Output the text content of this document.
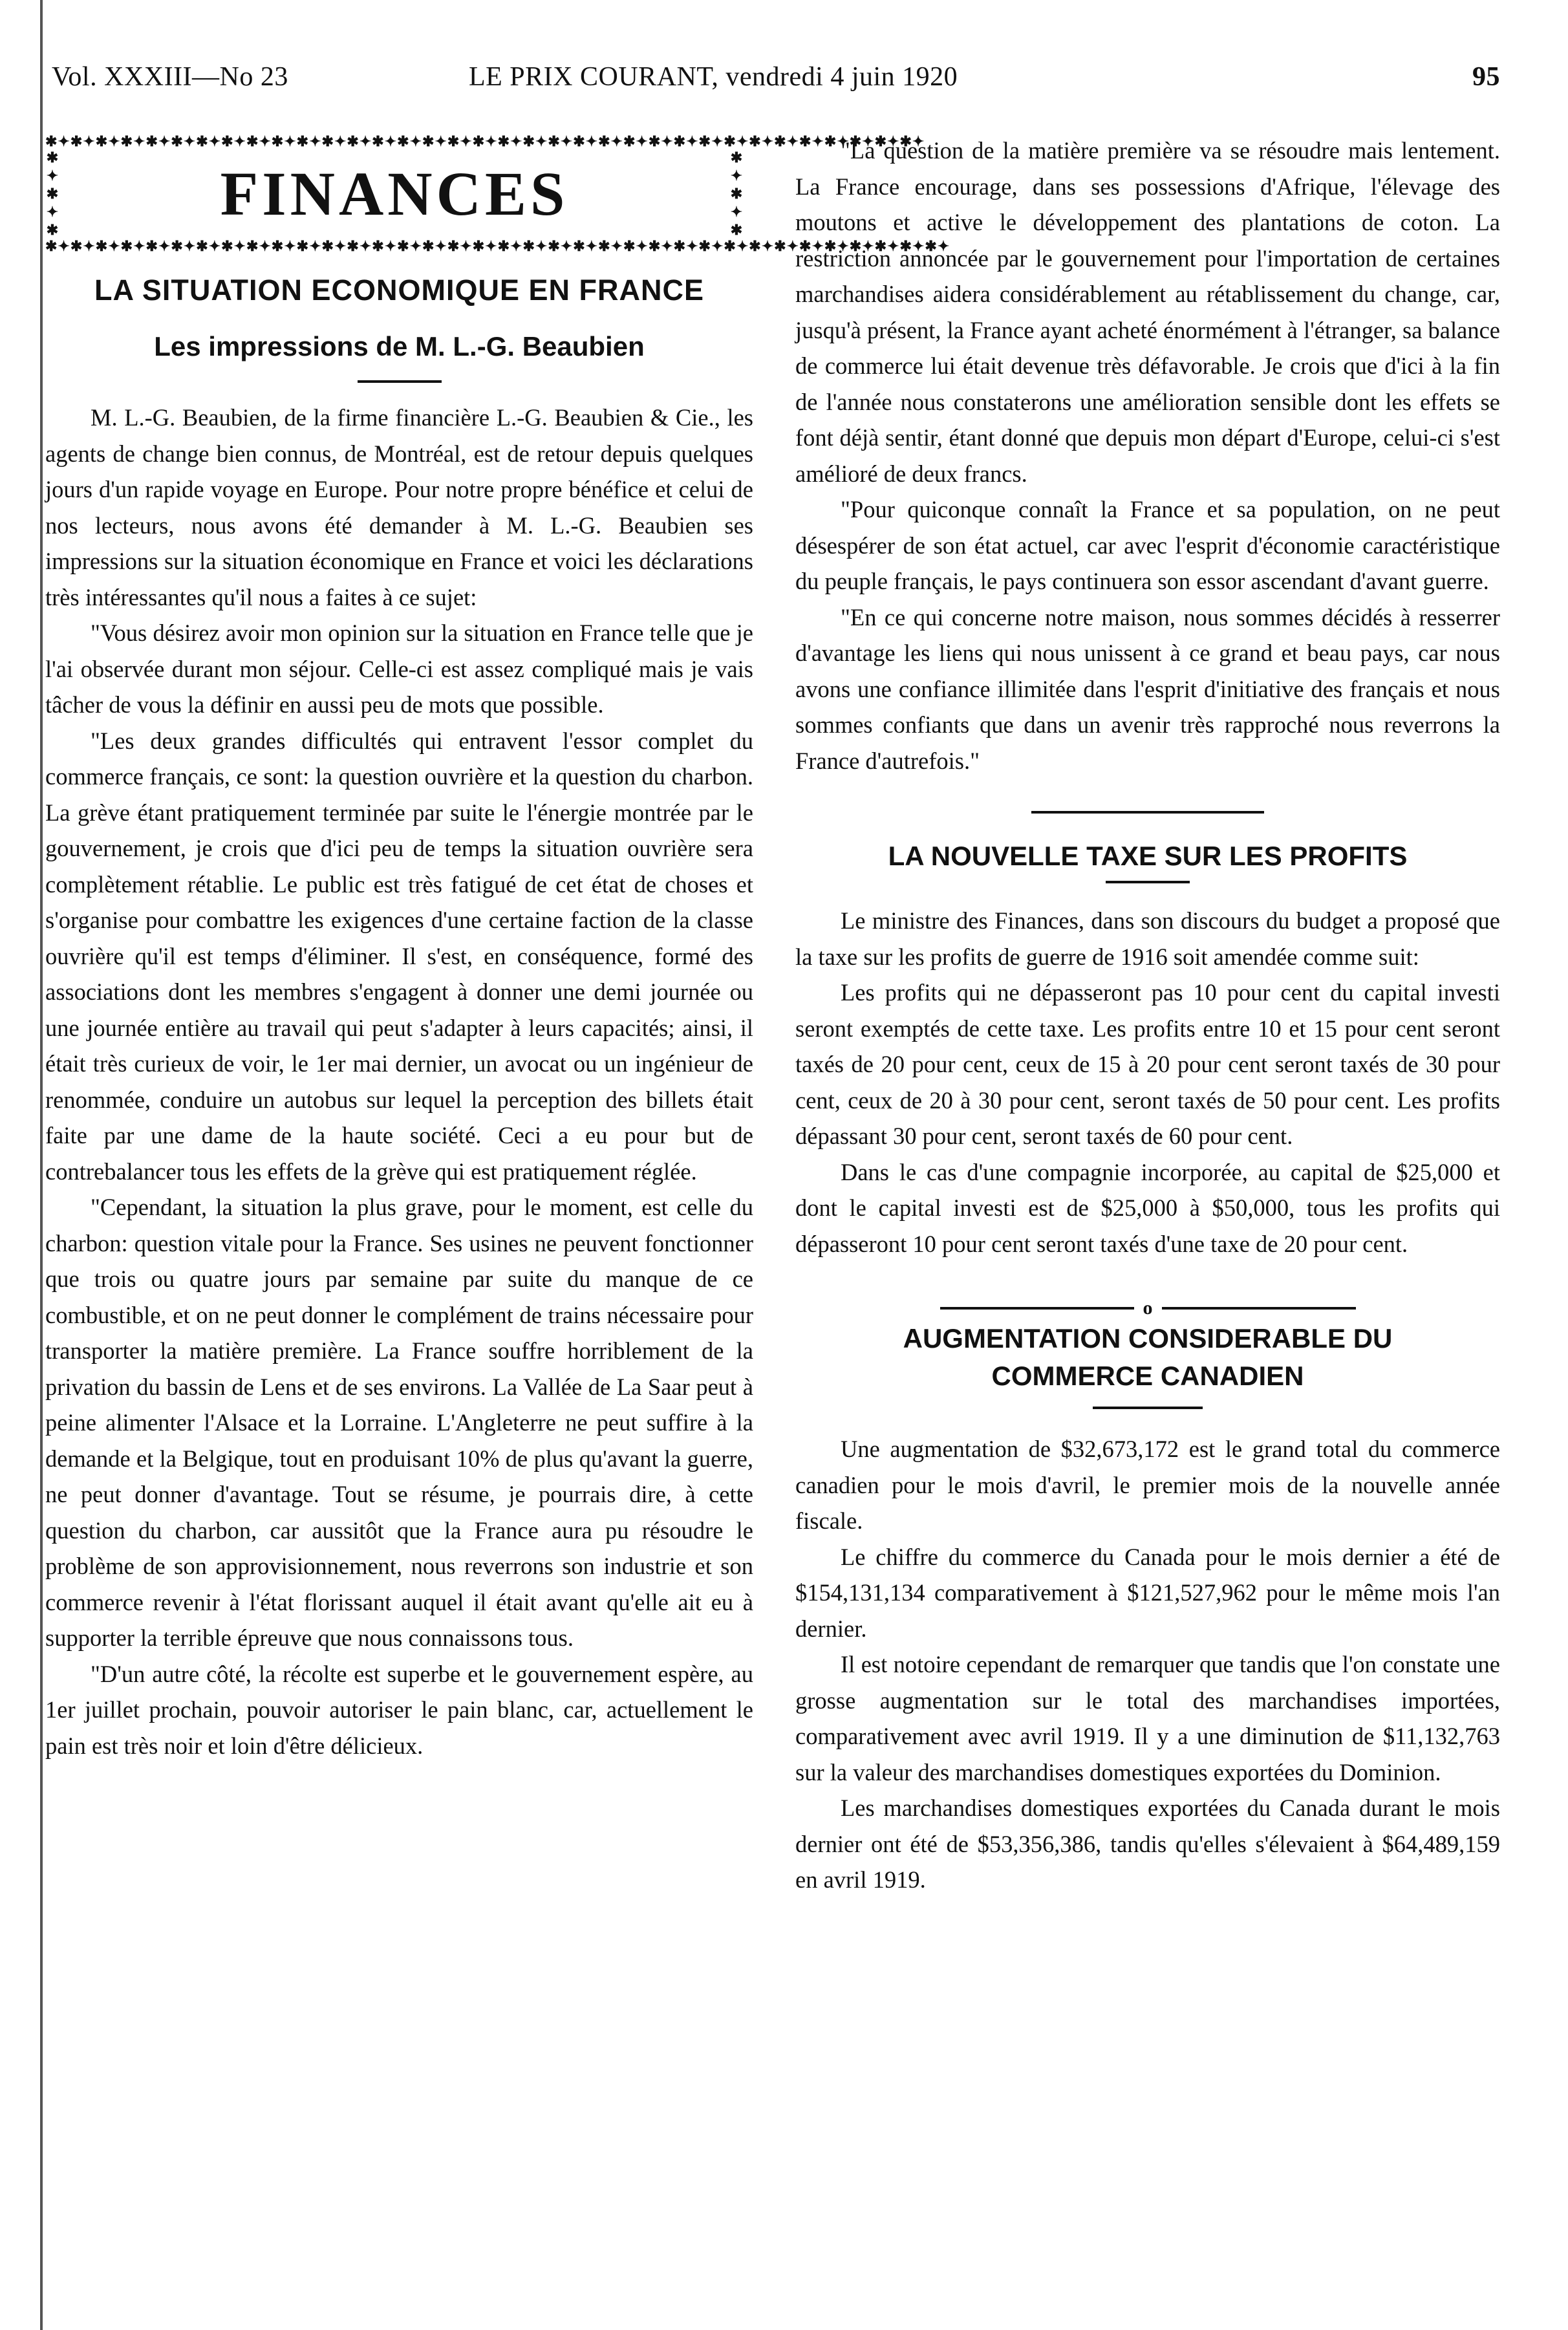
Vol. XXXIII—No 23	LE PRIX COURANT, vendredi 4 juin 1920	95
✱✦✱✦✱✦✱✦✱✦✱✦✱✦✱✦✱✦✱✦✱✦✱✦✱✦✱✦✱✦✱✦✱✦✱✦✱✦✱✦✱✦✱✦✱✦✱✦✱✦✱✦✱✦✱✦✱✦✱✦✱✦✱✦✱✦✱✦✱✦
✱
✦
✱
✦
✱
FINANCES
✱
✦
✱
✦
✱
✱✦✱✦✱✦✱✦✱✦✱✦✱✦✱✦✱✦✱✦✱✦✱✦✱✦✱✦✱✦✱✦✱✦✱✦✱✦✱✦✱✦✱✦✱✦✱✦✱✦✱✦✱✦✱✦✱✦✱✦✱✦✱✦✱✦✱✦✱✦✱✦
LA SITUATION ECONOMIQUE EN FRANCE
Les impressions de M. L.-G. Beaubien

M. L.-G. Beaubien, de la firme financière L.-G. Beaubien & Cie., les agents de change bien connus, de Montréal, est de retour depuis quelques jours d'un rapide voyage en Europe. Pour notre propre bénéfice et celui de nos lecteurs, nous avons été demander à M. L.-G. Beaubien ses impressions sur la situation économique en France et voici les déclarations très intéressantes qu'il nous a faites à ce sujet:

"Vous désirez avoir mon opinion sur la situation en France telle que je l'ai observée durant mon séjour. Celle-ci est assez compliqué mais je vais tâcher de vous la définir en aussi peu de mots que possible.

"Les deux grandes difficultés qui entravent l'essor complet du commerce français, ce sont: la question ouvrière et la question du charbon. La grève étant pratiquement terminée par suite le l'énergie montrée par le gouvernement, je crois que d'ici peu de temps la situation ouvrière sera complètement rétablie. Le public est très fatigué de cet état de choses et s'organise pour combattre les exigences d'une certaine faction de la classe ouvrière qu'il est temps d'éliminer. Il s'est, en conséquence, formé des associations dont les membres s'engagent à donner une demi journée ou une journée entière au travail qui peut s'adapter à leurs capacités; ainsi, il était très curieux de voir, le 1er mai dernier, un avocat ou un ingénieur de renommée, conduire un autobus sur lequel la perception des billets était faite par une dame de la haute société. Ceci a eu pour but de contrebalancer tous les effets de la grève qui est pratiquement réglée.

"Cependant, la situation la plus grave, pour le moment, est celle du charbon: question vitale pour la France. Ses usines ne peuvent fonctionner que trois ou quatre jours par semaine par suite du manque de ce combustible, et on ne peut donner le complément de trains nécessaire pour transporter la matière première. La France souffre horriblement de la privation du bassin de Lens et de ses environs. La Vallée de La Saar peut à peine alimenter l'Alsace et la Lorraine. L'Angleterre ne peut suffire à la demande et la Belgique, tout en produisant 10% de plus qu'avant la guerre, ne peut donner d'avantage. Tout se résume, je pourrais dire, à cette question du charbon, car aussitôt que la France aura pu résoudre le problème de son approvisionnement, nous reverrons son industrie et son commerce revenir à l'état florissant auquel il était avant qu'elle ait eu à supporter la terrible épreuve que nous connaissons tous.

"D'un autre côté, la récolte est superbe et le gouvernement espère, au 1er juillet prochain, pouvoir autoriser le pain blanc, car, actuellement le pain est très noir et loin d'être délicieux.

"La question de la matière première va se résoudre mais lentement. La France encourage, dans ses possessions d'Afrique, l'élevage des moutons et active le développement des plantations de coton. La restriction annoncée par le gouvernement pour l'importation de certaines marchandises aidera considérablement au rétablissement du change, car, jusqu'à présent, la France ayant acheté énormément à l'étranger, sa balance de commerce lui était devenue très défavorable. Je crois que d'ici à la fin de l'année nous constaterons une amélioration sensible dont les effets se font déjà sentir, étant donné que depuis mon départ d'Europe, celui-ci s'est amélioré de deux francs.

"Pour quiconque connaît la France et sa population, on ne peut désespérer de son état actuel, car avec l'esprit d'économie caractéristique du peuple français, le pays continuera son essor ascendant d'avant guerre.

"En ce qui concerne notre maison, nous sommes décidés à resserrer d'avantage les liens qui nous unissent à ce grand et beau pays, car nous avons une confiance illimitée dans l'esprit d'initiative des français et nous sommes confiants que dans un avenir très rapproché nous reverrons la France d'autrefois."

LA NOUVELLE TAXE SUR LES PROFITS

Le ministre des Finances, dans son discours du budget a proposé que la taxe sur les profits de guerre de 1916 soit amendée comme suit:

Les profits qui ne dépasseront pas 10 pour cent du capital investi seront exemptés de cette taxe. Les profits entre 10 et 15 pour cent seront taxés de 20 pour cent, ceux de 15 à 20 pour cent seront taxés de 30 pour cent, ceux de 20 à 30 pour cent, seront taxés de 50 pour cent. Les profits dépassant 30 pour cent, seront taxés de 60 pour cent.

Dans le cas d'une compagnie incorporée, au capital de $25,000 et dont le capital investi est de $25,000 à $50,000, tous les profits qui dépasseront 10 pour cent seront taxés d'une taxe de 20 pour cent.

o
AUGMENTATION CONSIDERABLE DU
COMMERCE CANADIEN

Une augmentation de $32,673,172 est le grand total du commerce canadien pour le mois d'avril, le premier mois de la nouvelle année fiscale.

Le chiffre du commerce du Canada pour le mois dernier a été de $154,131,134 comparativement à $121,527,962 pour le même mois l'an dernier.

Il est notoire cependant de remarquer que tandis que l'on constate une grosse augmentation sur le total des marchandises importées, comparativement avec avril 1919. Il y a une diminution de $11,132,763 sur la valeur des marchandises domestiques exportées du Dominion.

Les marchandises domestiques exportées du Canada durant le mois dernier ont été de $53,356,386, tandis qu'elles s'élevaient à $64,489,159 en avril 1919.
